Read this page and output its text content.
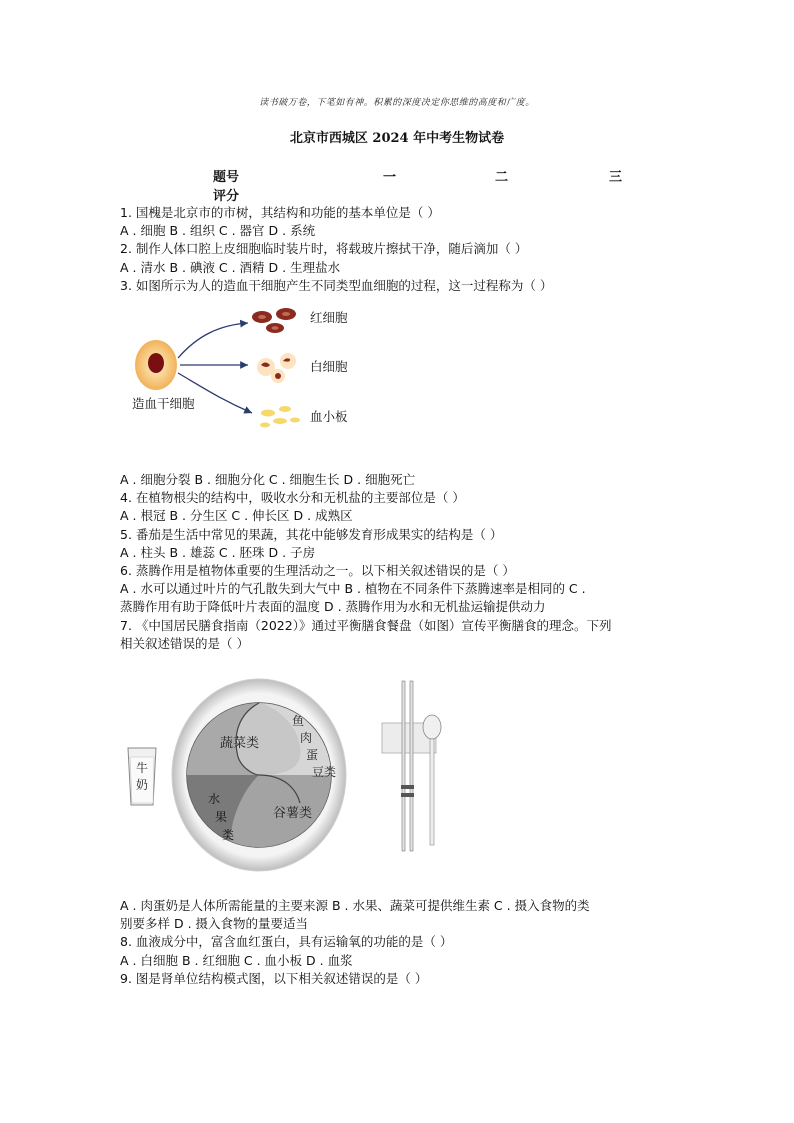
读书破万卷，下笔如有神。积累的深度决定你思维的高度和广度。
北京市西城区 2024 年中考生物试卷
题号	一	二	三
评分

1. 国槐是北京市的市树，其结构和功能的基本单位是（ ）

A . 细胞 B . 组织 C . 器官 D . 系统

2. 制作人体口腔上皮细胞临时装片时，将载玻片擦拭干净，随后滴加（ ）

A . 清水 B . 碘液 C . 酒精 D . 生理盐水

3. 如图所示为人的造血干细胞产生不同类型血细胞的过程，这一过程称为（ ）

红细胞
白细胞
血小板
造血干细胞

A . 细胞分裂 B . 细胞分化 C . 细胞生长 D . 细胞死亡

4. 在植物根尖的结构中，吸收水分和无机盐的主要部位是（ ）

A . 根冠 B . 分生区 C . 伸长区 D . 成熟区

5. 番茄是生活中常见的果蔬，其花中能够发育形成果实的结构是（ ）

A . 柱头 B . 雄蕊 C . 胚珠 D . 子房

6. 蒸腾作用是植物体重要的生理活动之一。以下相关叙述错误的是（ ）

A . 水可以通过叶片的气孔散失到大气中 B . 植物在不同条件下蒸腾速率是相同的 C .

蒸腾作用有助于降低叶片表面的温度 D . 蒸腾作用为水和无机盐运输提供动力

7. 《中国居民膳食指南（2022）》通过平衡膳食餐盘（如图）宣传平衡膳食的理念。下列

相关叙述错误的是（ ）

牛
奶
蔬菜类
鱼
肉
蛋
豆类
水
果
类
谷薯类

A . 肉蛋奶是人体所需能量的主要来源 B . 水果、蔬菜可提供维生素 C . 摄入食物的类

别要多样 D . 摄入食物的量要适当

8. 血液成分中，富含血红蛋白，具有运输氧的功能的是（ ）

A . 白细胞 B . 红细胞 C . 血小板 D . 血浆

9. 图是肾单位结构模式图，以下相关叙述错误的是（ ）
